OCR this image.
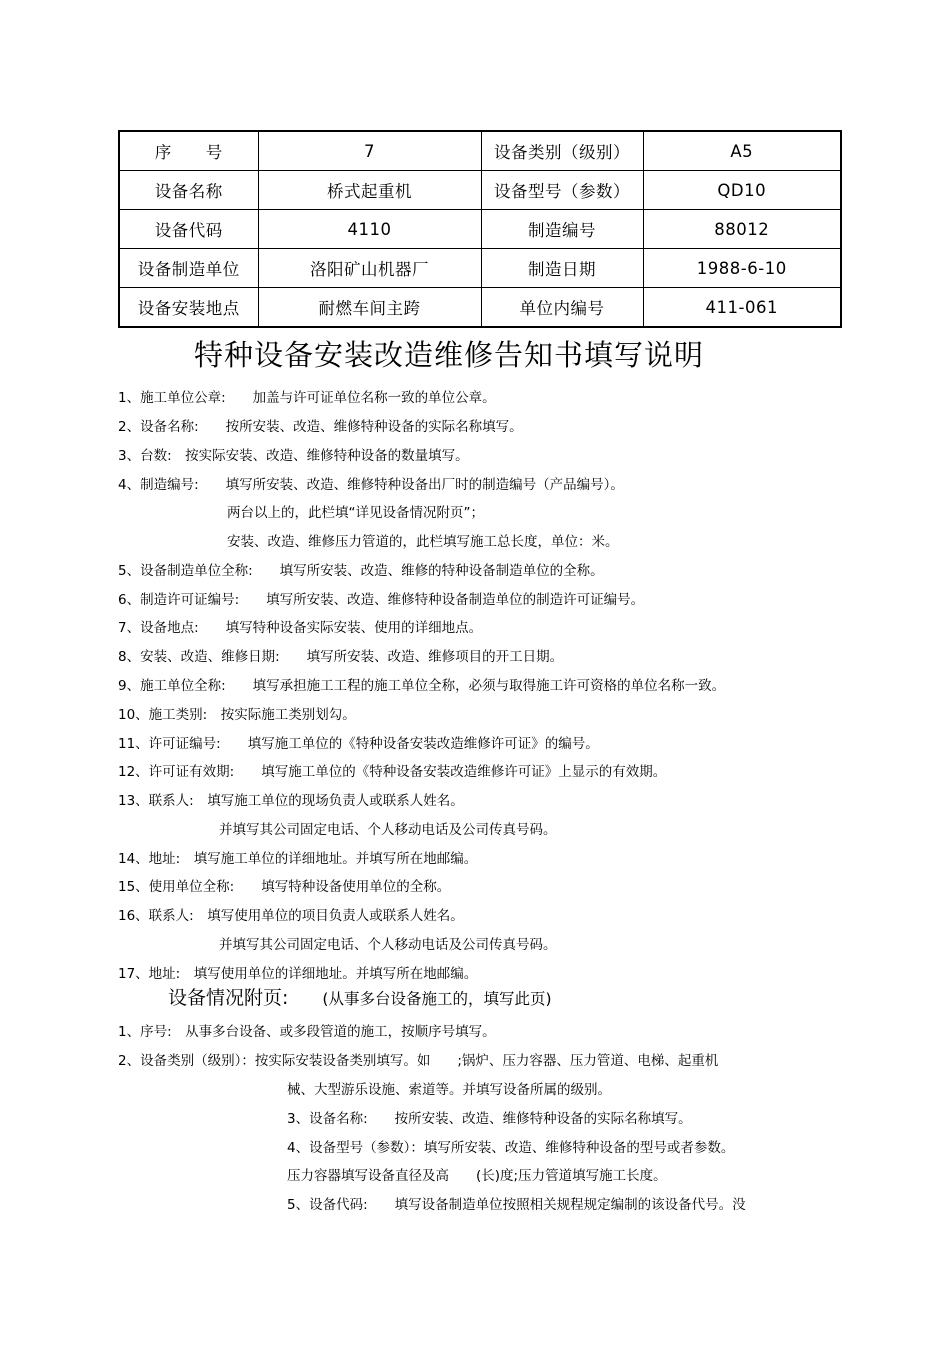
序　　号	7	设备类别（级别）	A5
设备名称	桥式起重机	设备型号（参数）	QD10
设备代码	4110	制造编号	88012
设备制造单位	洛阳矿山机器厂	制造日期	1988-6-10
设备安装地点	耐燃车间主跨	单位内编号	411-061
特种设备安装改造维修告知书填写说明
1、施工单位公章:　　加盖与许可证单位名称一致的单位公章。
2、设备名称:　　按所安装、改造、维修特种设备的实际名称填写。
3、台数:　按实际安装、改造、维修特种设备的数量填写。
4、制造编号:　　填写所安装、改造、维修特种设备出厂时的制造编号（产品编号）。
两台以上的，此栏填“详见设备情况附页”；
安装、改造、维修压力管道的，此栏填写施工总长度，单位：米。
5、设备制造单位全称:　　填写所安装、改造、维修的特种设备制造单位的全称。
6、制造许可证编号:　　填写所安装、改造、维修特种设备制造单位的制造许可证编号。
7、设备地点:　　填写特种设备实际安装、使用的详细地点。
8、安装、改造、维修日期:　　填写所安装、改造、维修项目的开工日期。
9、施工单位全称:　　填写承担施工工程的施工单位全称，必须与取得施工许可资格的单位名称一致。
10、施工类别:　按实际施工类别划勾。
11、许可证编号:　　填写施工单位的《特种设备安装改造维修许可证》的编号。
12、许可证有效期:　　填写施工单位的《特种设备安装改造维修许可证》上显示的有效期。
13、联系人:　填写施工单位的现场负责人或联系人姓名。
并填写其公司固定电话、个人移动电话及公司传真号码。
14、地址:　填写施工单位的详细地址。并填写所在地邮编。
15、使用单位全称:　　填写特种设备使用单位的全称。
16、联系人:　填写使用单位的项目负责人或联系人姓名。
并填写其公司固定电话、个人移动电话及公司传真号码。
17、地址:　填写使用单位的详细地址。并填写所在地邮编。
设备情况附页: (从事多台设备施工的，填写此页)
1、序号:　从事多台设备、或多段管道的施工，按顺序号填写。
2、设备类别（级别）：按实际安装设备类别填写。如　　;锅炉、压力容器、压力管道、电梯、起重机
械、大型游乐设施、索道等。并填写设备所属的级别。
3、设备名称:　　按所安装、改造、维修特种设备的实际名称填写。
4、设备型号（参数）：填写所安装、改造、维修特种设备的型号或者参数。
压力容器填写设备直径及高　　(长)度;压力管道填写施工长度。
5、设备代码:　　填写设备制造单位按照相关规程规定编制的该设备代号。没
